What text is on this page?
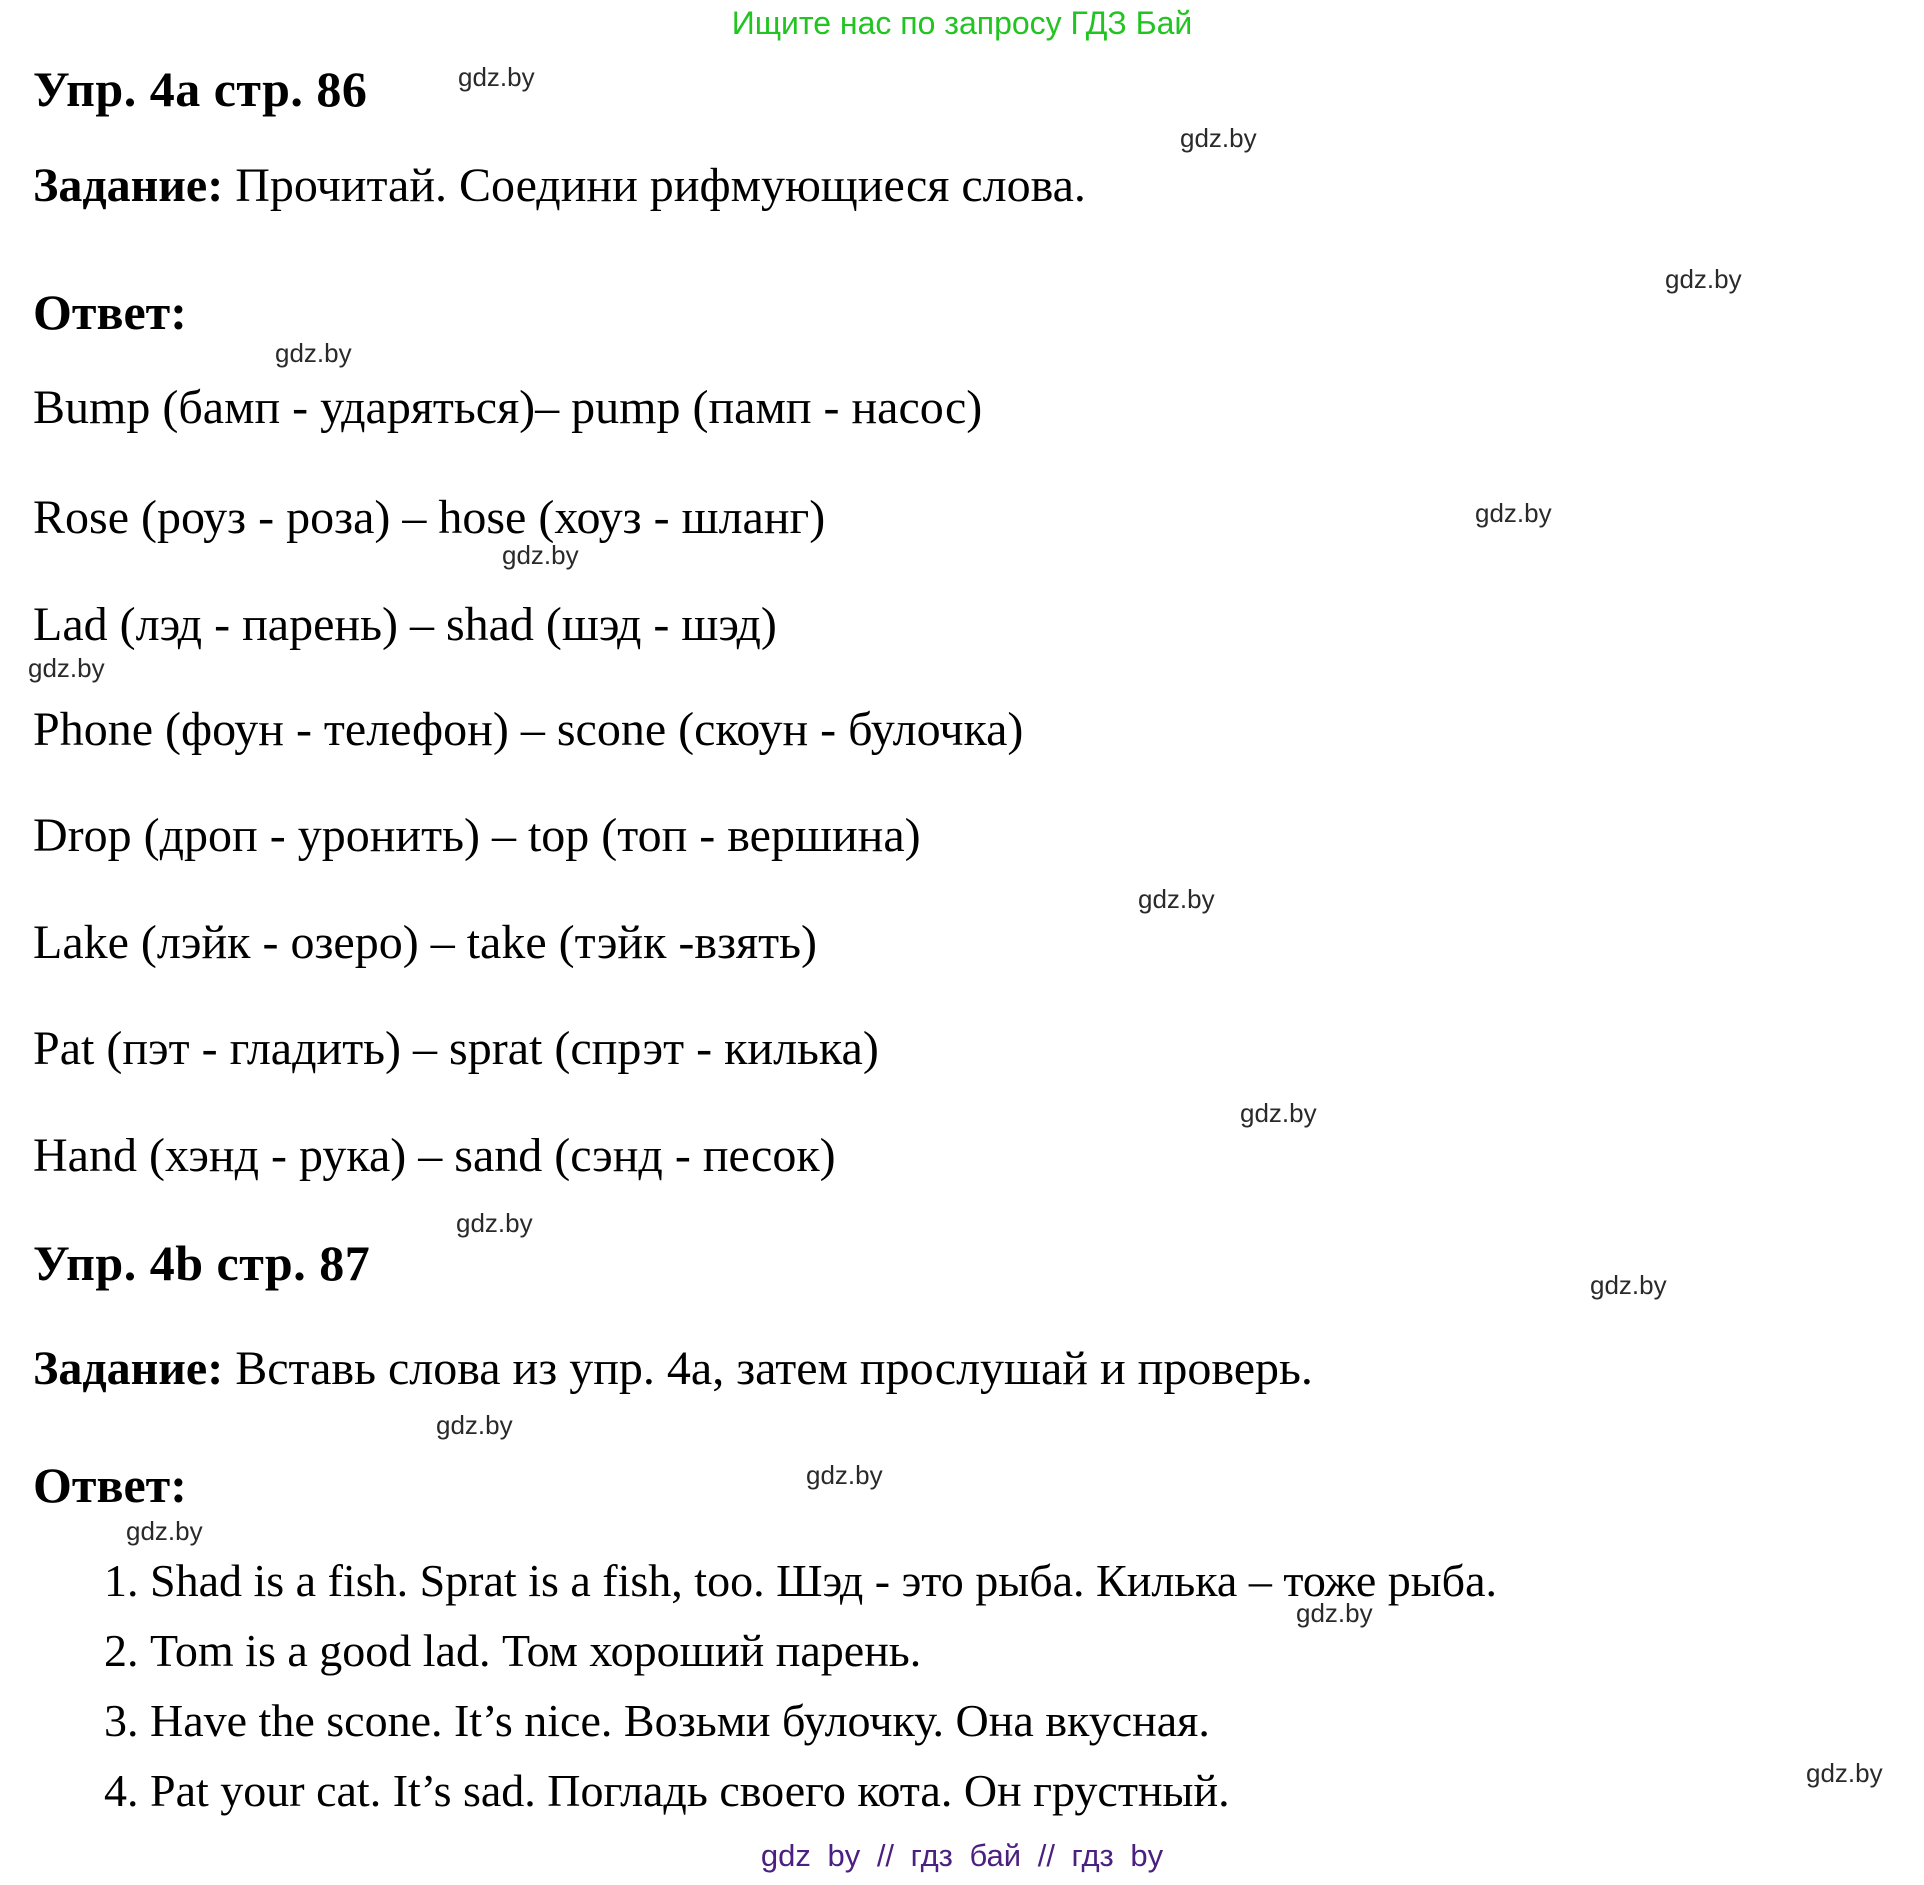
Ищите нас по запросу ГДЗ Бай
Упр. 4а стр. 86
Задание: Прочитай. Соедини рифмующиеся слова.
Ответ:
Bump (бамп - ударяться)– pump (памп - насос)
Rose (роуз - роза) – hose (хоуз - шланг)
Lad (лэд - парень) – shad (шэд - шэд)
Phone (фоун - телефон) – scone (скоун - булочка)
Drop (дроп - уронить) – top (топ - вершина)
Lake (лэйк - озеро) – take (тэйк -взять)
Pat (пэт - гладить) – sprat (спрэт - килька)
Hand (хэнд - рука) – sand (сэнд - песок)
Упр. 4b стр. 87
Задание: Вставь слова из упр. 4а, затем прослушай и проверь.
Ответ:
1. Shad is a fish. Sprat is a fish, too. Шэд - это рыба. Килька – тоже рыба.
2. Tom is a good lad. Том хороший парень.
3. Have the scone. It’s nice. Возьми булочку. Она вкусная.
4. Pat your cat. It’s sad. Погладь своего кота. Он грустный.
gdz.by
gdz.by
gdz.by
gdz.by
gdz.by
gdz.by
gdz.by
gdz.by
gdz.by
gdz.by
gdz.by
gdz.by
gdz.by
gdz.by
gdz.by
gdz.by
gdz by // гдз бай // гдз by
